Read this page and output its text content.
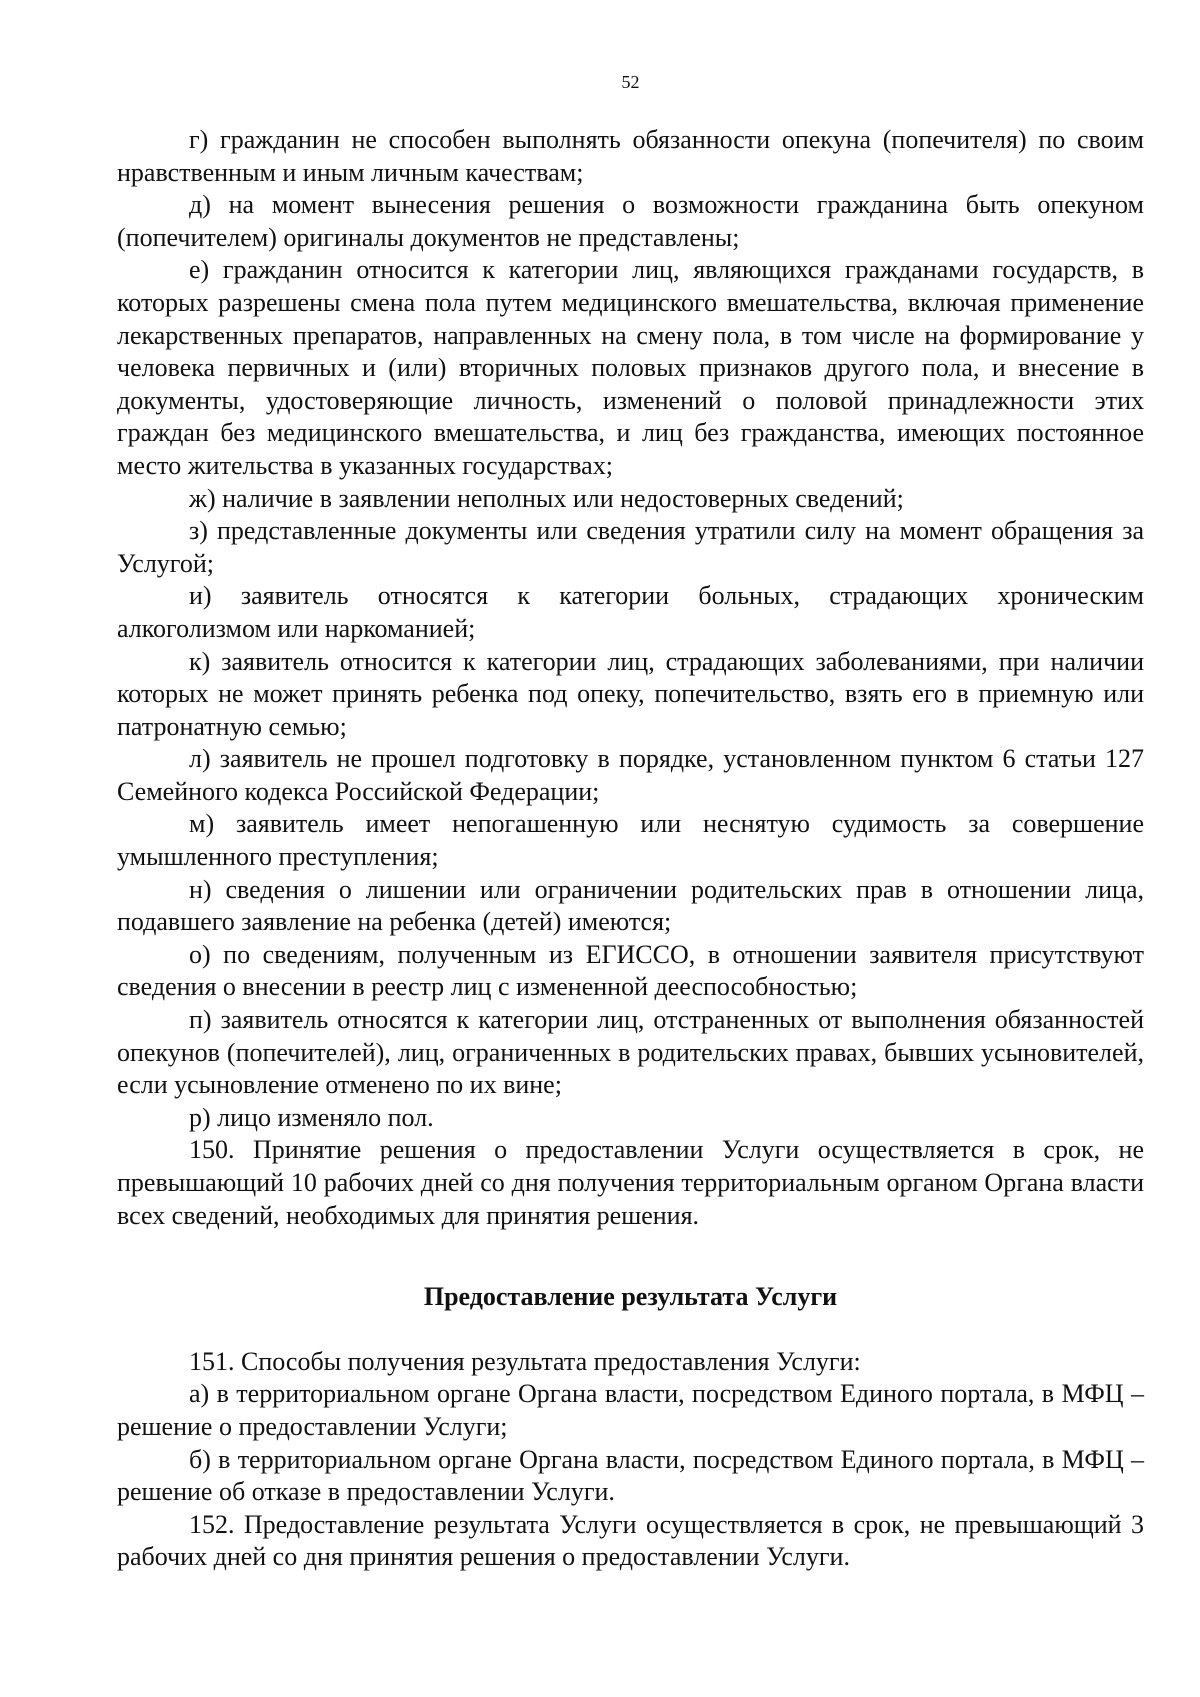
52

г) гражданин не способен выполнять обязанности опекуна (попечителя) по своим нравственным и иным личным качествам;

д) на момент вынесения решения о возможности гражданина быть опекуном (попечителем) оригиналы документов не представлены;

е) гражданин относится к категории лиц, являющихся гражданами государств, в которых разрешены смена пола путем медицинского вмешательства, включая применение лекарственных препаратов, направленных на смену пола, в том числе на формирование у человека первичных и (или) вторичных половых признаков другого пола, и внесение в документы, удостоверяющие личность, изменений о половой принадлежности этих граждан без медицинского вмешательства, и лиц без гражданства, имеющих постоянное место жительства в указанных государствах;

ж) наличие в заявлении неполных или недостоверных сведений;

з) представленные документы или сведения утратили силу на момент обращения за Услугой;

и) заявитель относятся к категории больных, страдающих хроническим алкоголизмом или наркоманией;

к) заявитель относится к категории лиц, страдающих заболеваниями, при наличии которых не может принять ребенка под опеку, попечительство, взять его в приемную или патронатную семью;

л) заявитель не прошел подготовку в порядке, установленном пунктом 6 статьи 127 Семейного кодекса Российской Федерации;

м) заявитель имеет непогашенную или неснятую судимость за совершение умышленного преступления;

н) сведения о лишении или ограничении родительских прав в отношении лица, подавшего заявление на ребенка (детей) имеются;

о) по сведениям, полученным из ЕГИССО, в отношении заявителя присутствуют сведения о внесении в реестр лиц с измененной дееспособностью;

п) заявитель относятся к категории лиц, отстраненных от выполнения обязанностей опекунов (попечителей), лиц, ограниченных в родительских правах, бывших усыновителей, если усыновление отменено по их вине;

р) лицо изменяло пол.

150. Принятие решения о предоставлении Услуги осуществляется в срок, не превышающий 10 рабочих дней со дня получения территориальным органом Органа власти всех сведений, необходимых для принятия решения.

Предоставление результата Услуги

151. Способы получения результата предоставления Услуги:

а) в территориальном органе Органа власти, посредством Единого портала, в МФЦ – решение о предоставлении Услуги;

б) в территориальном органе Органа власти, посредством Единого портала, в МФЦ – решение об отказе в предоставлении Услуги.

152. Предоставление результата Услуги осуществляется в срок, не превышающий 3 рабочих дней со дня принятия решения о предоставлении Услуги.
